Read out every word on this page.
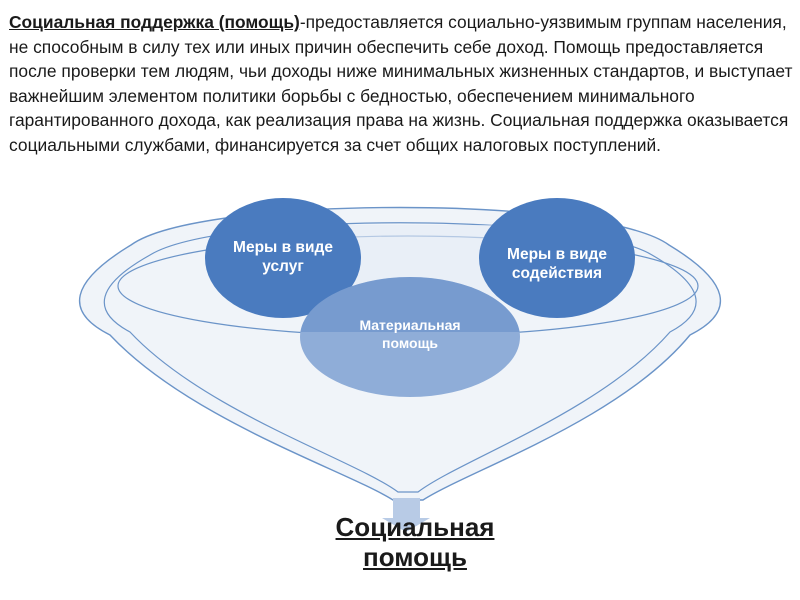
Социальная поддержка (помощь)-предоставляется социально-уязвимым группам населения, не способным в силу тех или иных причин обеспечить себе доход. Помощь предоставляется после проверки тем людям, чьи доходы ниже минимальных жизненных стандартов, и выступает важнейшим элементом политики борьбы с бедностью, обеспечением минимального гарантированного дохода, как реализация права на жизнь. Социальная поддержка оказывается социальными службами, финансируется за счет общих налоговых поступлений.

Меры в виде
услуг
Меры в виде
содействия
Материальная
помощь
Социальная
помощь
